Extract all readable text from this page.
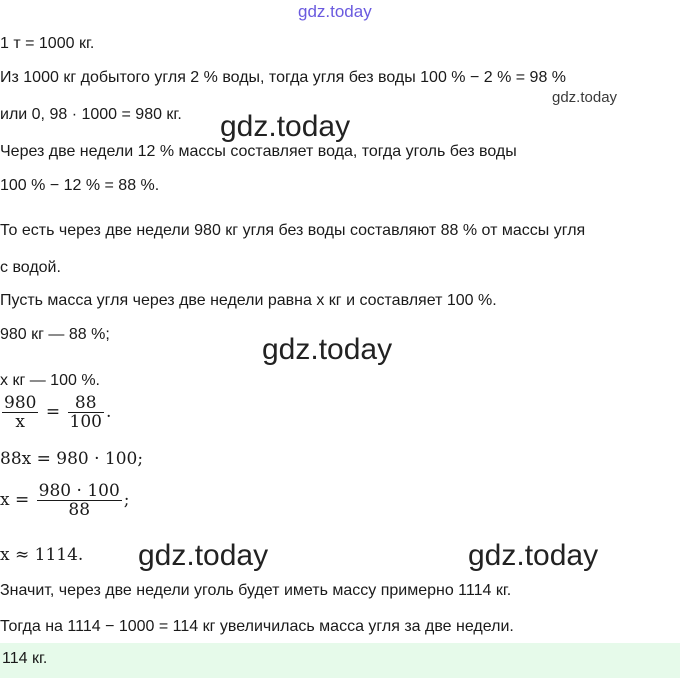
gdz.today
1 т = 1000 кг.
Из 1000 кг добытого угля 2 % воды, тогда угля без воды 100 % − 2 % = 98 %
или 0, 98 · 1000 = 980 кг.
gdz.today
gdz.today
Через две недели 12 % массы составляет вода, тогда уголь без воды
100 % − 12 % = 88 %.
То есть через две недели 980 кг угля без воды составляют 88 % от массы угля
с водой.
Пусть масса угля через две недели равна x кг и составляет 100 %.
980 кг — 88 %;	gdz.today
x кг — 100 %.
$\frac{980}{x} = \frac{88}{100}$ .
88x = 980 · 100;
$x = \frac{980 \cdot 100}{88}$ ;
x ≈ 1114. gdz.today	gdz.today
Значит, через две недели уголь будет иметь массу примерно 1114 кг.
Тогда на 1114 − 1000 = 114 кг увеличилась масса угля за две недели.
114 кг.
